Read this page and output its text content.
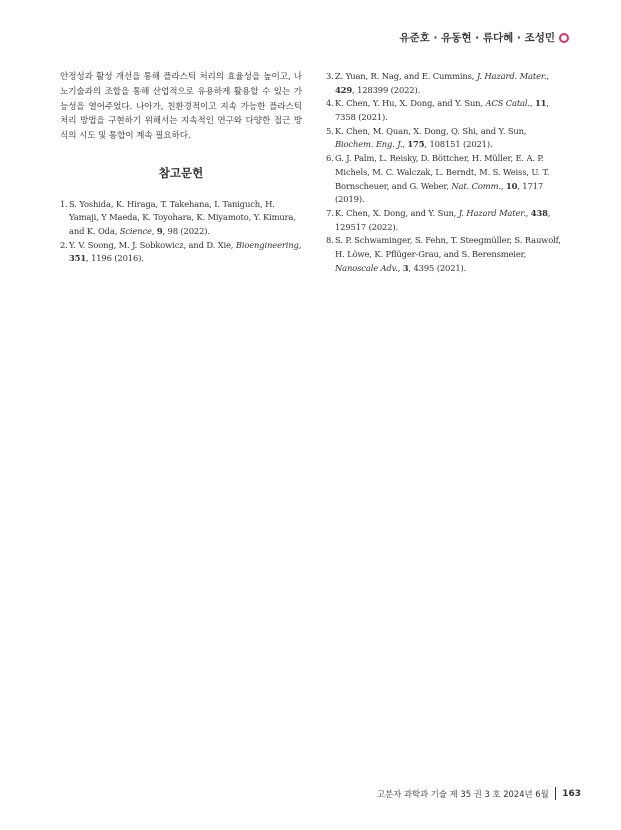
유준호 · 유동현 · 류다혜 · 조성민

안정성과 활성 개선을 통해 플라스틱 처리의 효율성을 높이고, 나노기술과의 조합을 통해 산업적으로 유용하게 활용할 수 있는 가능성을 열어주었다. 나아가, 친환경적이고 지속 가능한 플라스틱 처리 방법을 구현하기 위해서는 지속적인 연구와 다양한 접근 방식의 시도 및 통합이 계속 필요하다.

참고문헌
1. S. Yoshida, K. Hiraga, T. Takehana, I. Taniguch, H. Yamaji, Y Maeda, K. Toyohara, K. Miyamoto, Y. Kimura, and K. Oda, Science, 9, 98 (2022).
2. Y. V. Soong, M. J. Sobkowicz, and D. Xie, Bioengineering, 351, 1196 (2016).
3. Z. Yuan, R. Nag, and E. Cummins, J. Hazard. Mater., 429, 128399 (2022).
4. K. Chen, Y. Hu, X. Dong, and Y. Sun, ACS Catal., 11, 7358 (2021).
5. K. Chen, M. Quan, X. Dong, Q. Shi, and Y. Sun, Biochem. Eng. J., 175, 108151 (2021).
6. G. J. Palm, L. Reisky, D. Böttcher, H. Müller, E. A. P. Michels, M. C. Walczak, L. Berndt, M. S. Weiss, U. T. Bornscheuer, and G. Weber, Nat. Comm., 10, 1717 (2019).
7. K. Chen, X. Dong, and Y. Sun, J. Hazard Mater., 438, 129517 (2022).
8. S. P. Schwaminger, S. Fehn, T. Steegmüller, S. Rauwolf, H. Löwe, K. Pflüger-Grau, and S. Berensmeier, Nanoscale Adv., 3, 4395 (2021).
고분자 과학과 기술 제 35 권 3 호 2024년 6월 163
